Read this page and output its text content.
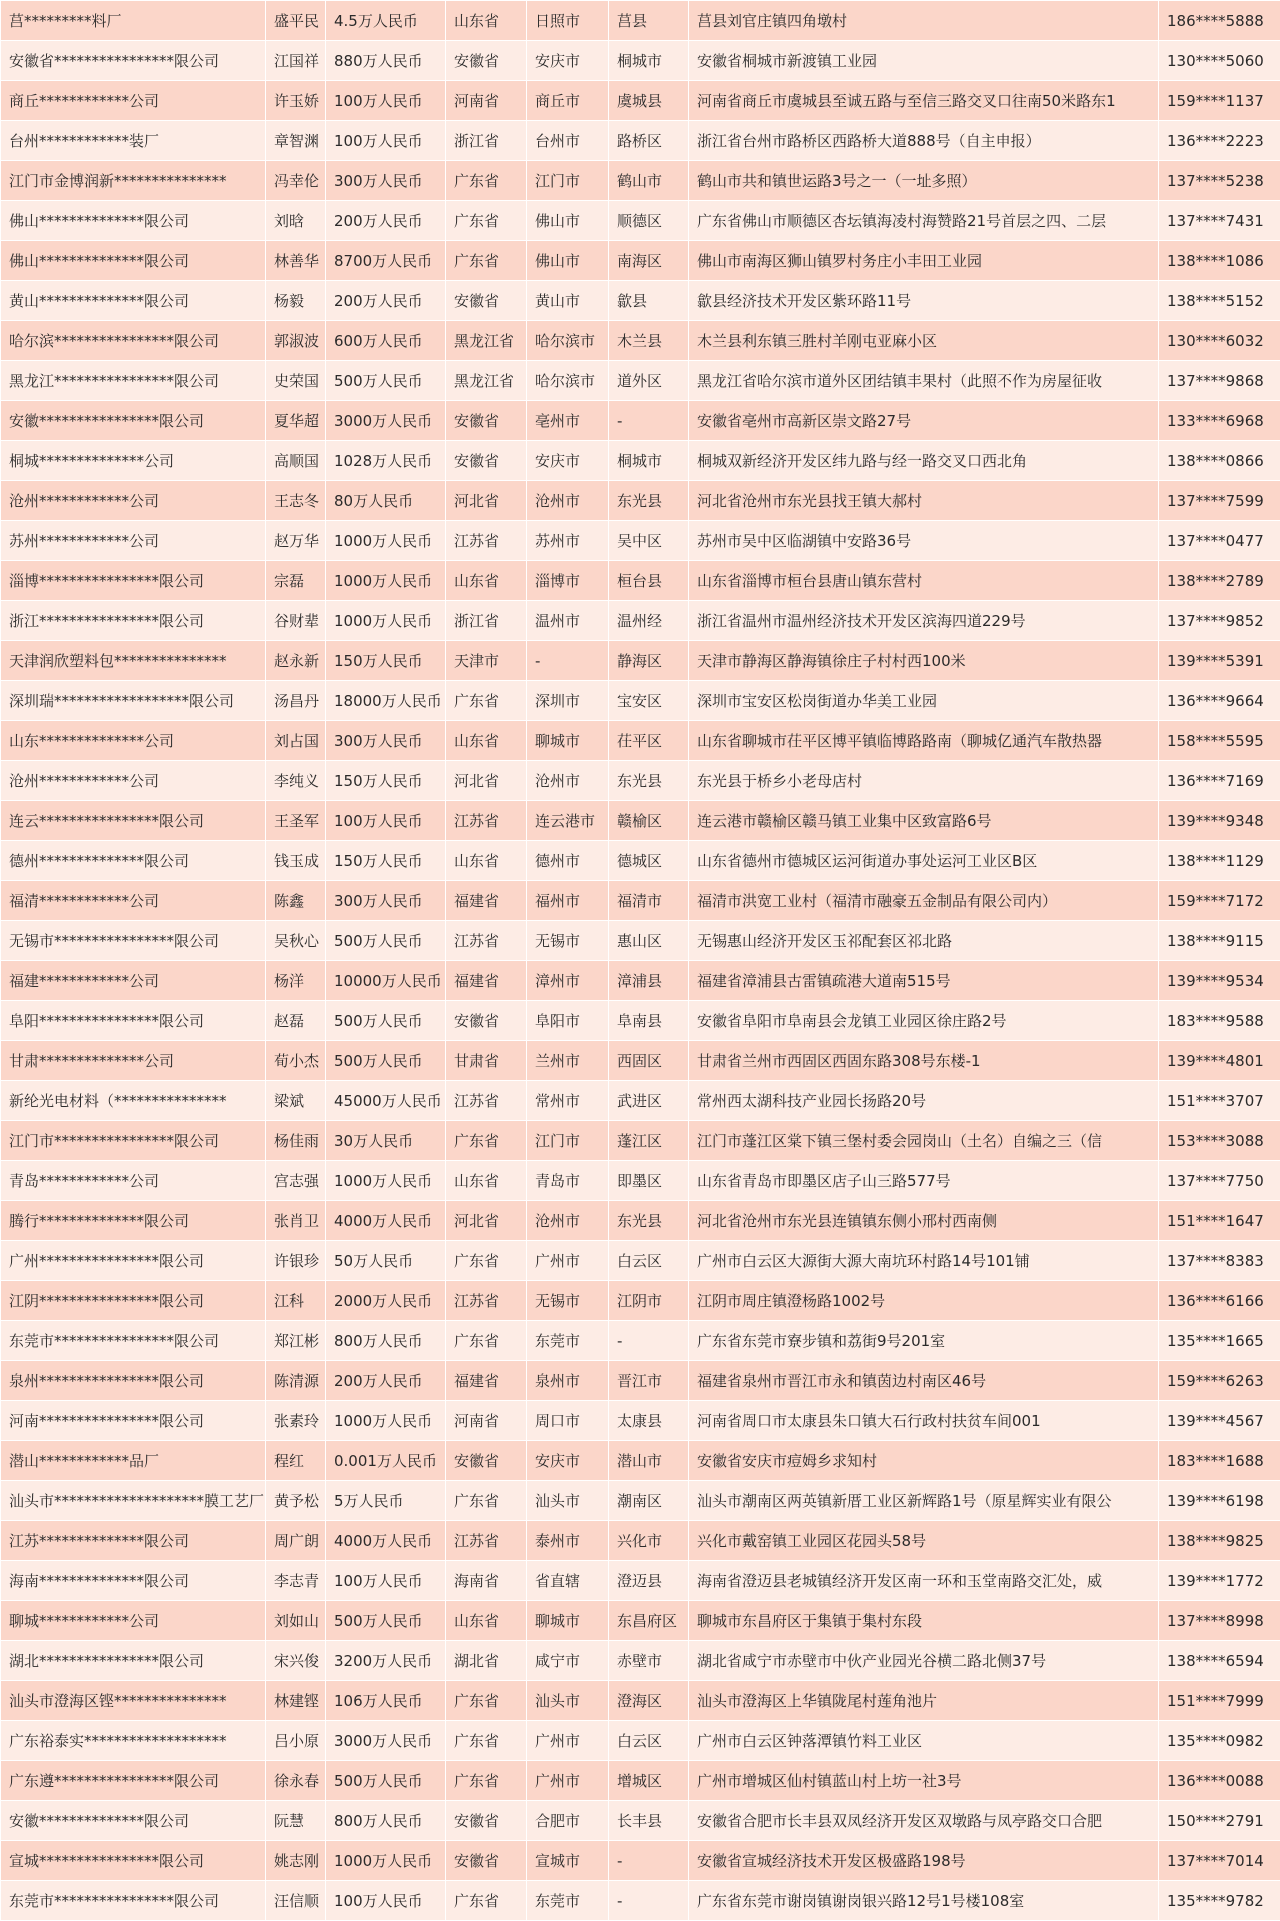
莒*********料厂	盛平民	4.5万人民币	山东省	日照市	莒县	莒县刘官庄镇四角墩村	186****5888
安徽省****************限公司	江国祥	880万人民币	安徽省	安庆市	桐城市	安徽省桐城市新渡镇工业园	130****5060
商丘************公司	许玉娇	100万人民币	河南省	商丘市	虞城县	河南省商丘市虞城县至诚五路与至信三路交叉口往南50米路东1	159****1137
台州************装厂	章智渊	100万人民币	浙江省	台州市	路桥区	浙江省台州市路桥区西路桥大道888号（自主申报）	136****2223
江门市金博润新***************	冯幸伦	300万人民币	广东省	江门市	鹤山市	鹤山市共和镇世运路3号之一（一址多照）	137****5238
佛山**************限公司	刘晗	200万人民币	广东省	佛山市	顺德区	广东省佛山市顺德区杏坛镇海凌村海赞路21号首层之四、二层	137****7431
佛山**************限公司	林善华	8700万人民币	广东省	佛山市	南海区	佛山市南海区狮山镇罗村务庄小丰田工业园	138****1086
黄山**************限公司	杨毅	200万人民币	安徽省	黄山市	歙县	歙县经济技术开发区紫环路11号	138****5152
哈尔滨****************限公司	郭淑波	600万人民币	黑龙江省	哈尔滨市	木兰县	木兰县利东镇三胜村羊刚屯亚麻小区	130****6032
黑龙江****************限公司	史荣国	500万人民币	黑龙江省	哈尔滨市	道外区	黑龙江省哈尔滨市道外区团结镇丰果村（此照不作为房屋征收	137****9868
安徽****************限公司	夏华超	3000万人民币	安徽省	亳州市	-	安徽省亳州市高新区崇文路27号	133****6968
桐城**************公司	高顺国	1028万人民币	安徽省	安庆市	桐城市	桐城双新经济开发区纬九路与经一路交叉口西北角	138****0866
沧州************公司	王志冬	80万人民币	河北省	沧州市	东光县	河北省沧州市东光县找王镇大郝村	137****7599
苏州************公司	赵万华	1000万人民币	江苏省	苏州市	吴中区	苏州市吴中区临湖镇中安路36号	137****0477
淄博****************限公司	宗磊	1000万人民币	山东省	淄博市	桓台县	山东省淄博市桓台县唐山镇东营村	138****2789
浙江****************限公司	谷财辈	1000万人民币	浙江省	温州市	温州经	浙江省温州市温州经济技术开发区滨海四道229号	137****9852
天津润欣塑料包***************	赵永新	150万人民币	天津市	-	静海区	天津市静海区静海镇徐庄子村村西100米	139****5391
深圳瑞******************限公司	汤昌丹	18000万人民币	广东省	深圳市	宝安区	深圳市宝安区松岗街道办华美工业园	136****9664
山东**************公司	刘占国	300万人民币	山东省	聊城市	茌平区	山东省聊城市茌平区博平镇临博路路南（聊城亿通汽车散热器	158****5595
沧州************公司	李纯义	150万人民币	河北省	沧州市	东光县	东光县于桥乡小老母店村	136****7169
连云****************限公司	王圣军	100万人民币	江苏省	连云港市	赣榆区	连云港市赣榆区赣马镇工业集中区致富路6号	139****9348
德州**************限公司	钱玉成	150万人民币	山东省	德州市	德城区	山东省德州市德城区运河街道办事处运河工业区B区	138****1129
福清************公司	陈鑫	300万人民币	福建省	福州市	福清市	福清市洪宽工业村（福清市融豪五金制品有限公司内）	159****7172
无锡市****************限公司	吴秋心	500万人民币	江苏省	无锡市	惠山区	无锡惠山经济开发区玉祁配套区祁北路	138****9115
福建************公司	杨洋	10000万人民币	福建省	漳州市	漳浦县	福建省漳浦县古雷镇疏港大道南515号	139****9534
阜阳****************限公司	赵磊	500万人民币	安徽省	阜阳市	阜南县	安徽省阜阳市阜南县会龙镇工业园区徐庄路2号	183****9588
甘肃**************公司	荀小杰	500万人民币	甘肃省	兰州市	西固区	甘肃省兰州市西固区西固东路308号东楼-1	139****4801
新纶光电材料（***************	梁斌	45000万人民币	江苏省	常州市	武进区	常州西太湖科技产业园长扬路20号	151****3707
江门市****************限公司	杨佳雨	30万人民币	广东省	江门市	蓬江区	江门市蓬江区棠下镇三堡村委会园岗山（土名）自编之三（信	153****3088
青岛************公司	宫志强	1000万人民币	山东省	青岛市	即墨区	山东省青岛市即墨区店子山三路577号	137****7750
腾行**************限公司	张肖卫	4000万人民币	河北省	沧州市	东光县	河北省沧州市东光县连镇镇东侧小邢村西南侧	151****1647
广州****************限公司	许银珍	50万人民币	广东省	广州市	白云区	广州市白云区大源街大源大南坑环村路14号101铺	137****8383
江阴****************限公司	江科	2000万人民币	江苏省	无锡市	江阴市	江阴市周庄镇澄杨路1002号	136****6166
东莞市****************限公司	郑江彬	800万人民币	广东省	东莞市	-	广东省东莞市寮步镇和荔街9号201室	135****1665
泉州****************限公司	陈清源	200万人民币	福建省	泉州市	晋江市	福建省泉州市晋江市永和镇茵边村南区46号	159****6263
河南****************限公司	张素玲	1000万人民币	河南省	周口市	太康县	河南省周口市太康县朱口镇大石行政村扶贫车间001	139****4567
潜山************品厂	程红	0.001万人民币	安徽省	安庆市	潜山市	安徽省安庆市痘姆乡求知村	183****1688
汕头市********************膜工艺厂	黄予松	5万人民币	广东省	汕头市	潮南区	汕头市潮南区两英镇新厝工业区新辉路1号（原星辉实业有限公	139****6198
江苏**************限公司	周广朗	4000万人民币	江苏省	泰州市	兴化市	兴化市戴窑镇工业园区花园头58号	138****9825
海南**************限公司	李志青	100万人民币	海南省	省直辖	澄迈县	海南省澄迈县老城镇经济开发区南一环和玉堂南路交汇处，威	139****1772
聊城************公司	刘如山	500万人民币	山东省	聊城市	东昌府区	聊城市东昌府区于集镇于集村东段	137****8998
湖北****************限公司	宋兴俊	3200万人民币	湖北省	咸宁市	赤壁市	湖北省咸宁市赤壁市中伙产业园光谷横二路北侧37号	138****6594
汕头市澄海区铿***************	林建铿	106万人民币	广东省	汕头市	澄海区	汕头市澄海区上华镇陇尾村莲角池片	151****7999
广东裕泰实*******************	吕小原	3000万人民币	广东省	广州市	白云区	广州市白云区钟落潭镇竹料工业区	135****0982
广东遵****************限公司	徐永春	500万人民币	广东省	广州市	增城区	广州市增城区仙村镇蓝山村上坊一社3号	136****0088
安徽**************限公司	阮慧	800万人民币	安徽省	合肥市	长丰县	安徽省合肥市长丰县双凤经济开发区双墩路与凤亭路交口合肥	150****2791
宣城****************限公司	姚志刚	1000万人民币	安徽省	宣城市	-	安徽省宣城经济技术开发区极盛路198号	137****7014
东莞市****************限公司	汪信顺	100万人民币	广东省	东莞市	-	广东省东莞市谢岗镇谢岗银兴路12号1号楼108室	135****9782
